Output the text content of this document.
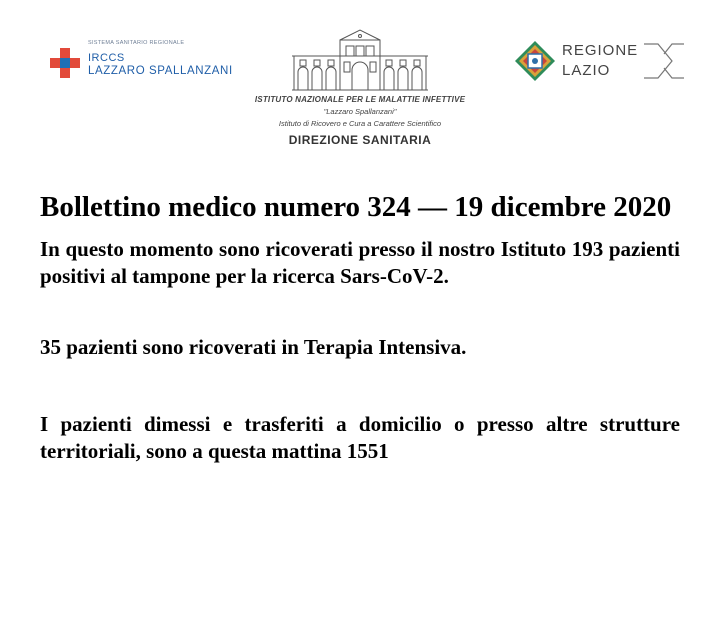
SISTEMA SANITARIO REGIONALE
IRCCS
LAZZARO SPALLANZANI
ISTITUTO NAZIONALE PER LE MALATTIE INFETTIVE
"Lazzaro Spallanzani"
Istituto di Ricovero e Cura a Carattere Scientifico
DIREZIONE SANITARIA
REGIONE
LAZIO
Bollettino medico numero 324 — 19 dicembre 2020

In questo momento sono ricoverati presso il nostro Istituto 193 pazienti positivi al tampone per la ricerca Sars-CoV-2.

35 pazienti sono ricoverati in Terapia Intensiva.

I pazienti dimessi e trasferiti a domicilio o presso altre strutture territoriali, sono a questa mattina 1551
